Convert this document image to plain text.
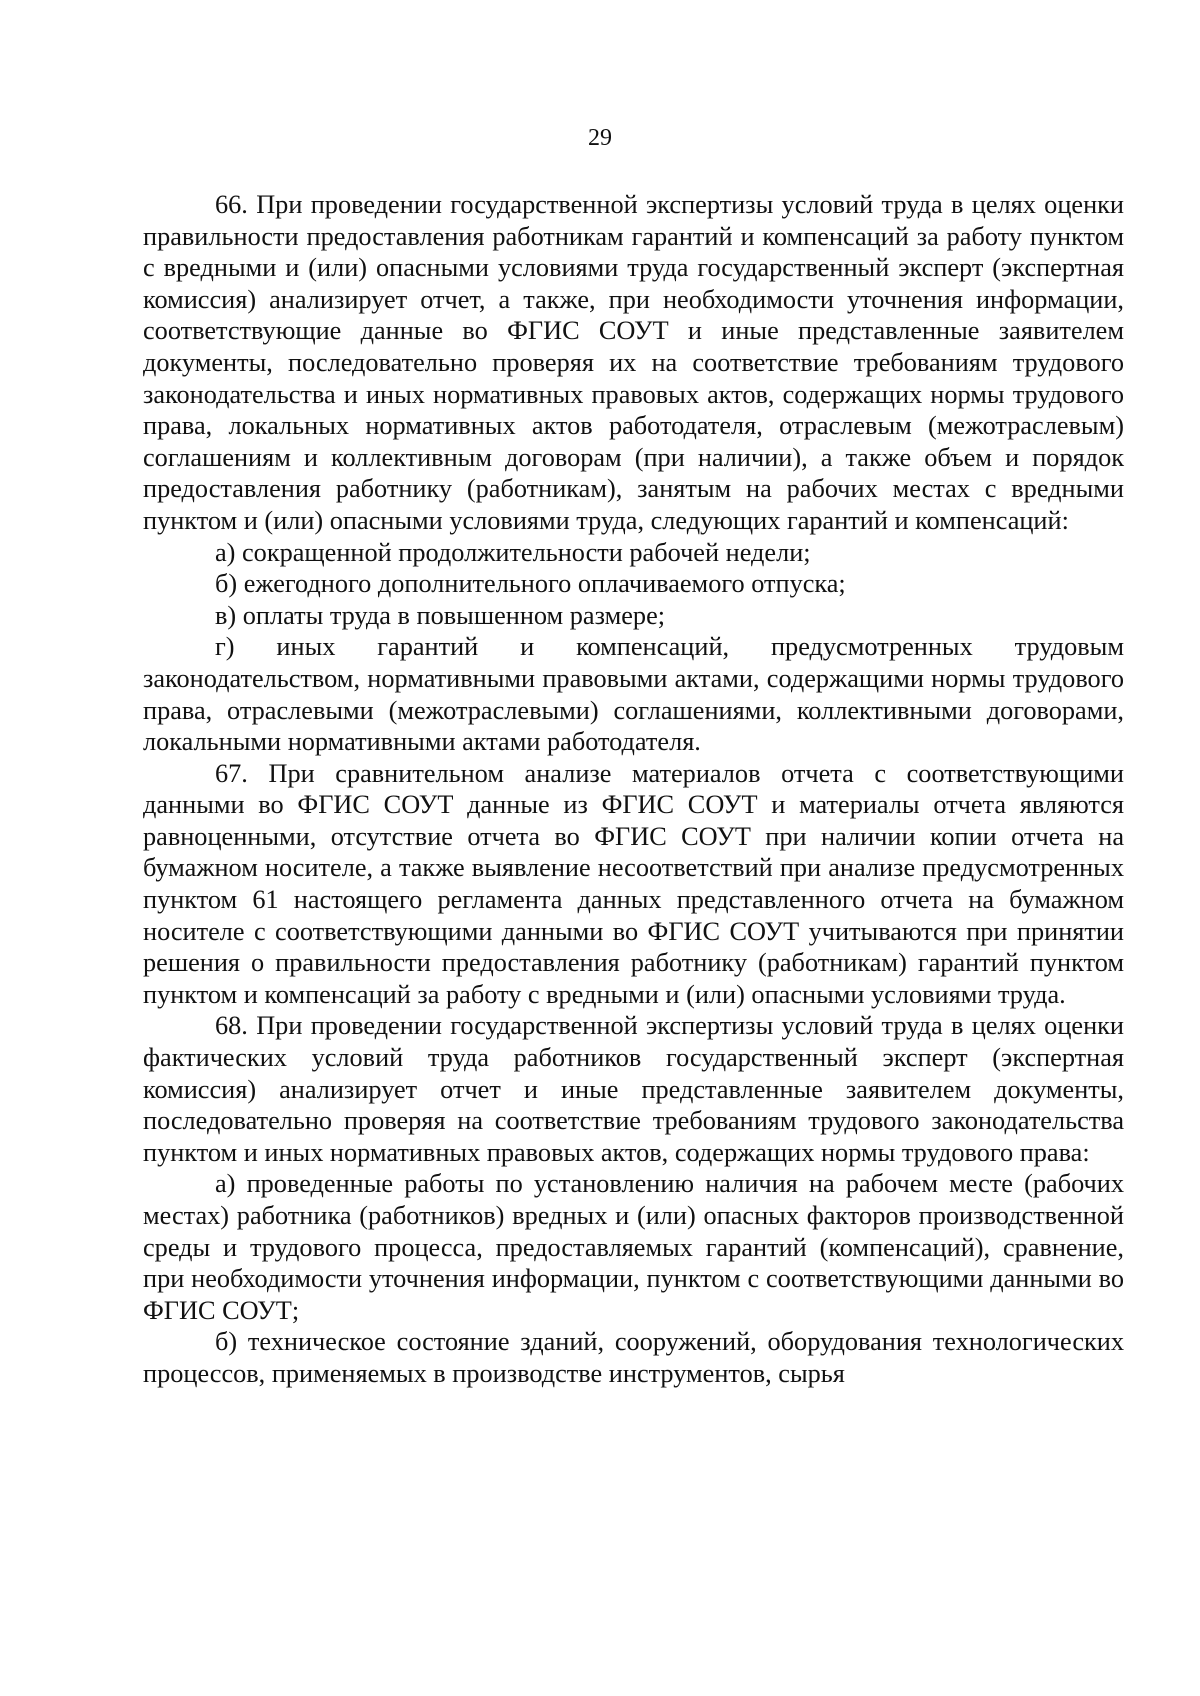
29

66. При проведении государственной экспертизы условий труда в целях оценки правильности предоставления работникам гарантий и компенсаций за работу пунктом с вредными и (или) опасными условиями труда государственный эксперт (экспертная комиссия) анализирует отчет, а также, при необходимости уточнения информации, соответствующие данные во ФГИС СОУТ и иные представленные заявителем документы, последовательно проверяя их на соответствие требованиям трудового законодательства и иных нормативных правовых актов, содержащих нормы трудового права, локальных нормативных актов работодателя, отраслевым (межотраслевым) соглашениям и коллективным договорам (при наличии), а также объем и порядок предоставления работнику (работникам), занятым на рабочих местах с вредными пунктом и (или) опасными условиями труда, следующих гарантий и компенсаций:

а) сокращенной продолжительности рабочей недели;

б) ежегодного дополнительного оплачиваемого отпуска;

в) оплаты труда в повышенном размере;

г) иных гарантий и компенсаций, предусмотренных трудовым законодательством, нормативными правовыми актами, содержащими нормы трудового права, отраслевыми (межотраслевыми) соглашениями, коллективными договорами, локальными нормативными актами работодателя.

67. При сравнительном анализе материалов отчета с соответствующими данными во ФГИС СОУТ данные из ФГИС СОУТ и материалы отчета являются равноценными, отсутствие отчета во ФГИС СОУТ при наличии копии отчета на бумажном носителе, а также выявление несоответствий при анализе предусмотренных пунктом 61 настоящего регламента данных представленного отчета на бумажном носителе с соответствующими данными во ФГИС СОУТ учитываются при принятии решения о правильности предоставления работнику (работникам) гарантий пунктом пунктом и компенсаций за работу с вредными и (или) опасными условиями труда.

68. При проведении государственной экспертизы условий труда в целях оценки фактических условий труда работников государственный эксперт (экспертная комиссия) анализирует отчет и иные представленные заявителем документы, последовательно проверяя на соответствие требованиям трудового законодательства пунктом и иных нормативных правовых актов, содержащих нормы трудового права:

а) проведенные работы по установлению наличия на рабочем месте (рабочих местах) работника (работников) вредных и (или) опасных факторов производственной среды и трудового процесса, предоставляемых гарантий (компенсаций), сравнение, при необходимости уточнения информации, пунктом с соответствующими данными во ФГИС СОУТ;

б) техническое состояние зданий, сооружений, оборудования технологических процессов, применяемых в производстве инструментов, сырья
